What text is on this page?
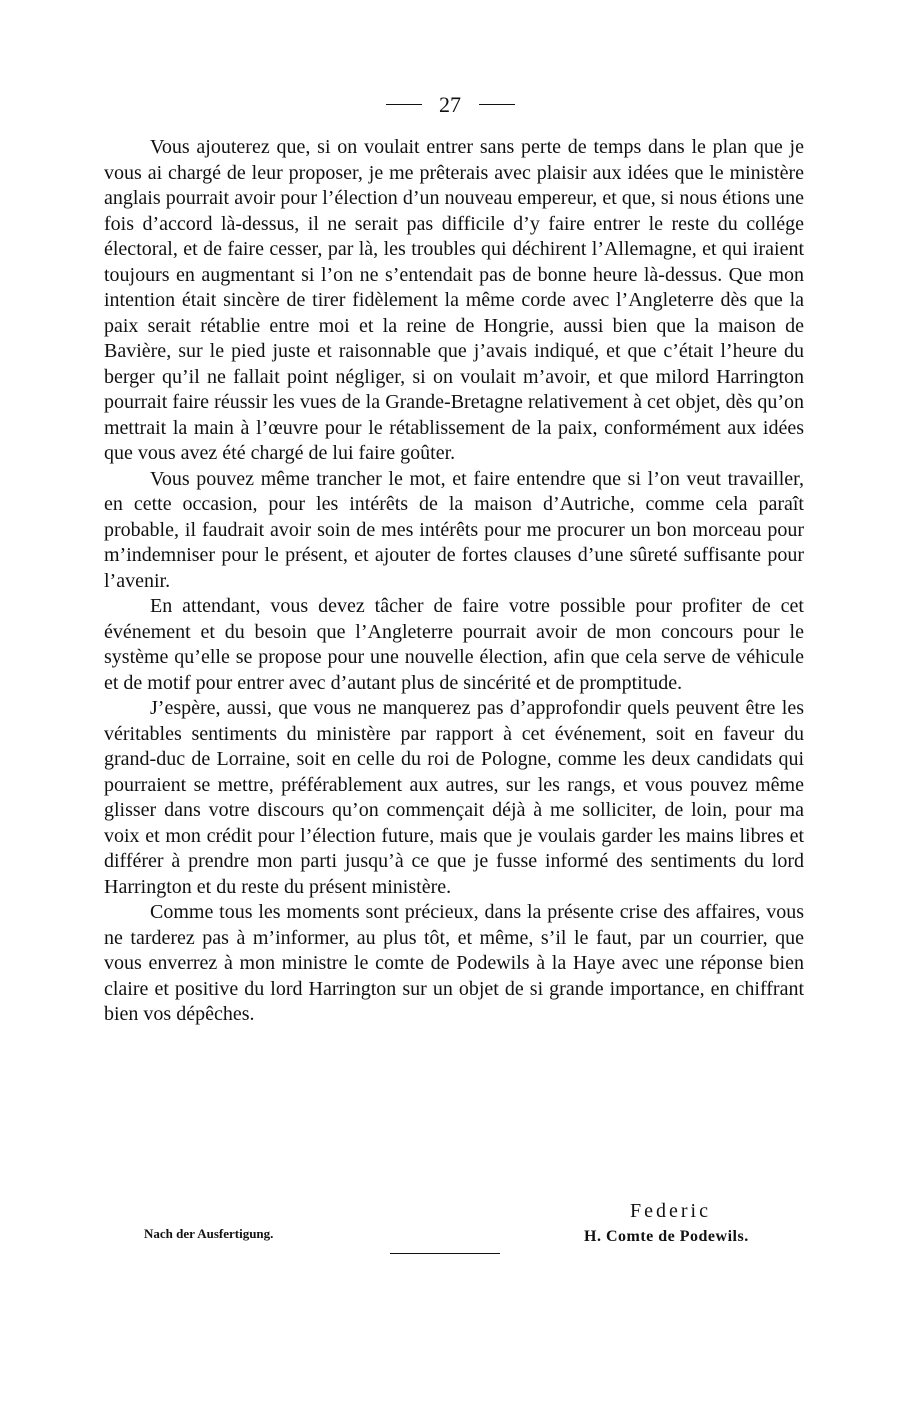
27

Vous ajouterez que, si on voulait entrer sans perte de temps dans le plan que je vous ai chargé de leur proposer, je me prêterais avec plaisir aux idées que le ministère anglais pourrait avoir pour l’élection d’un nouveau empereur, et que, si nous étions une fois d’accord là-dessus, il ne serait pas difficile d’y faire entrer le reste du collége électoral, et de faire cesser, par là, les troubles qui déchirent l’Allemagne, et qui iraient toujours en augmentant si l’on ne s’entendait pas de bonne heure là-dessus. Que mon intention était sincère de tirer fidèlement la même corde avec l’Angleterre dès que la paix serait rétablie entre moi et la reine de Hongrie, aussi bien que la maison de Bavière, sur le pied juste et raisonnable que j’avais indiqué, et que c’était l’heure du berger qu’il ne fallait point négliger, si on voulait m’avoir, et que milord Harrington pourrait faire réussir les vues de la Grande-Bretagne relativement à cet objet, dès qu’on mettrait la main à l’œuvre pour le rétablissement de la paix, conformément aux idées que vous avez été chargé de lui faire goûter.

Vous pouvez même trancher le mot, et faire entendre que si l’on veut travailler, en cette occasion, pour les intérêts de la maison d’Autriche, comme cela paraît probable, il faudrait avoir soin de mes intérêts pour me procurer un bon morceau pour m’indemniser pour le présent, et ajouter de fortes clauses d’une sûreté suffisante pour l’avenir.

En attendant, vous devez tâcher de faire votre possible pour profiter de cet événement et du besoin que l’Angleterre pourrait avoir de mon concours pour le système qu’elle se propose pour une nouvelle élection, afin que cela serve de véhicule et de motif pour entrer avec d’autant plus de sincérité et de promptitude.

J’espère, aussi, que vous ne manquerez pas d’approfondir quels peuvent être les véritables sentiments du ministère par rapport à cet événement, soit en faveur du grand-duc de Lorraine, soit en celle du roi de Pologne, comme les deux candidats qui pourraient se mettre, préférablement aux autres, sur les rangs, et vous pouvez même glisser dans votre discours qu’on commençait déjà à me solliciter, de loin, pour ma voix et mon crédit pour l’élection future, mais que je voulais garder les mains libres et différer à prendre mon parti jusqu’à ce que je fusse informé des sentiments du lord Harrington et du reste du présent ministère.

Comme tous les moments sont précieux, dans la présente crise des affaires, vous ne tarderez pas à m’informer, au plus tôt, et même, s’il le faut, par un courrier, que vous enverrez à mon ministre le comte de Podewils à la Haye avec une réponse bien claire et positive du lord Harrington sur un objet de si grande importance, en chiffrant bien vos dépêches.

Federic
H. Comte de Podewils.
Nach der Ausfertigung.
